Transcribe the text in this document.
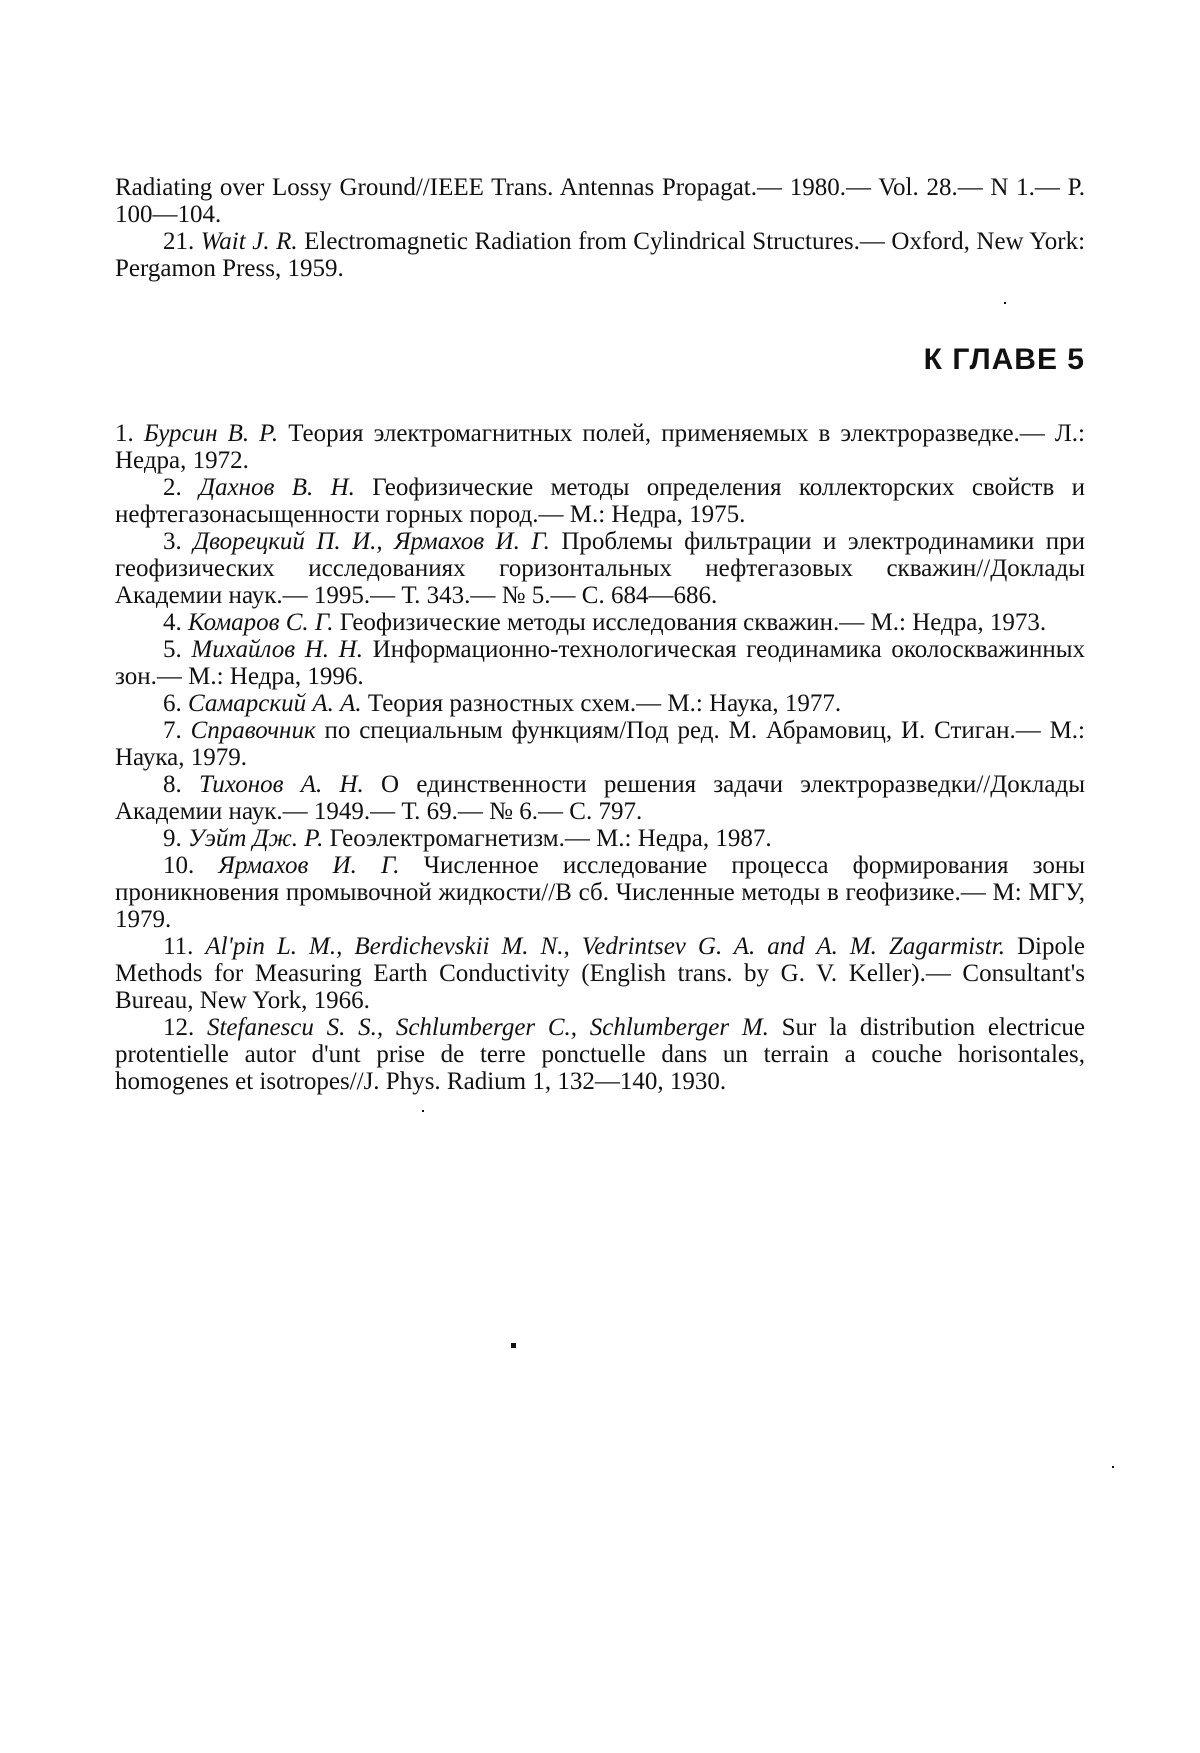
Radiating over Lossy Ground//IEEE Trans. Antennas Propagat.— 1980.— Vol. 28.— N 1.— P. 100—104.

21. Wait J. R. Electromagnetic Radiation from Cylindrical Structures.— Oxford, New York: Pergamon Press, 1959.

К ГЛАВЕ 5

1. Бурсин В. Р. Теория электромагнитных полей, применяемых в электроразведке.— Л.: Недра, 1972.

2. Дахнов В. Н. Геофизические методы определения коллекторских свойств и нефтегазонасыщенности горных пород.— М.: Недра, 1975.

3. Дворецкий П. И., Ярмахов И. Г. Проблемы фильтрации и электродинамики при геофизических исследованиях горизонтальных нефтегазовых скважин//Доклады Академии наук.— 1995.— Т. 343.— № 5.— С. 684—686.

4. Комаров С. Г. Геофизические методы исследования скважин.— М.: Недра, 1973.

5. Михайлов Н. Н. Информационно-технологическая геодинамика околоскважинных зон.— М.: Недра, 1996.

6. Самарский А. А. Теория разностных схем.— М.: Наука, 1977.

7. Справочник по специальным функциям/Под ред. М. Абрамовиц, И. Стиган.— М.: Наука, 1979.

8. Тихонов А. Н. О единственности решения задачи электроразведки//Доклады Академии наук.— 1949.— Т. 69.— № 6.— С. 797.

9. Уэйт Дж. Р. Геоэлектромагнетизм.— М.: Недра, 1987.

10. Ярмахов И. Г. Численное исследование процесса формирования зоны проникновения промывочной жидкости//В сб. Численные методы в геофизике.— М: МГУ, 1979.

11. Al'pin L. M., Berdichevskii M. N., Vedrintsev G. A. and A. M. Zagarmistr. Dipole Methods for Measuring Earth Conductivity (English trans. by G. V. Keller).— Consultant's Bureau, New York, 1966.

12. Stefanescu S. S., Schlumberger C., Schlumberger M. Sur la distribution electricue protentielle autor d'unt prise de terre ponctuelle dans un terrain a couche horisontales, homogenes et isotropes//J. Phys. Radium 1, 132—140, 1930.
